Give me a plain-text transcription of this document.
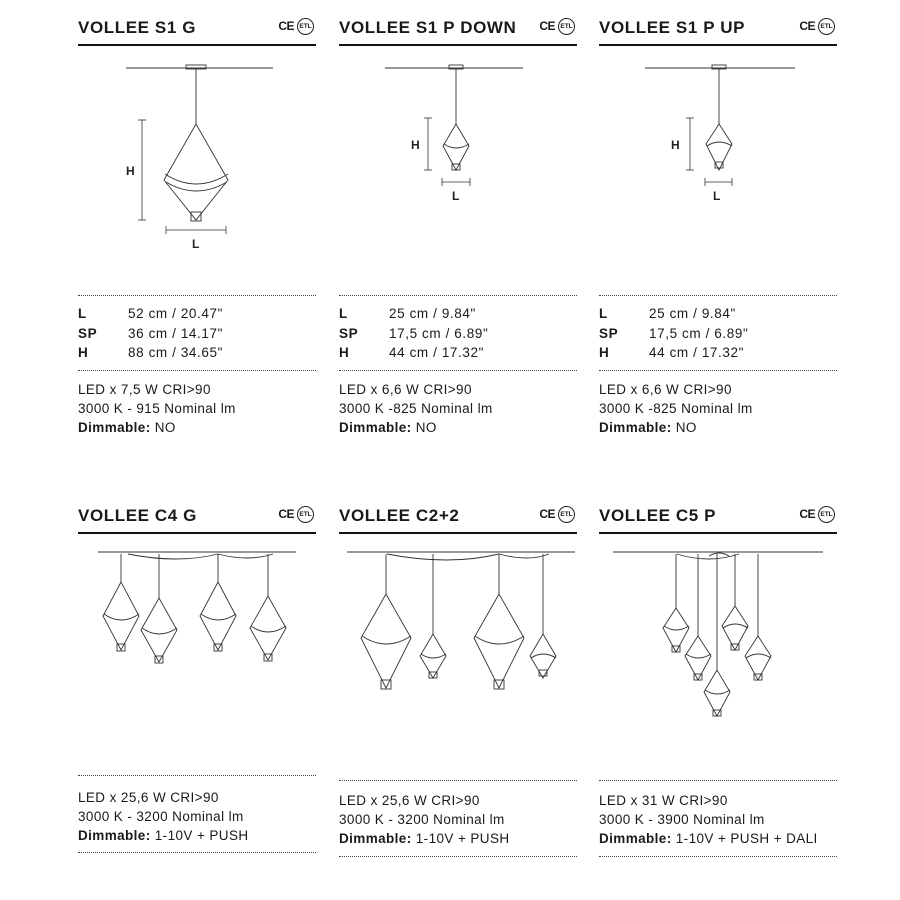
VOLLEE S1 G	CE ETL
H
L
L	52 cm / 20.47"
SP	36 cm / 14.17"
H	88 cm / 34.65"
LED x 7,5 W CRI>90
3000 K - 915 Nominal lm
Dimmable: NO
VOLLEE S1 P DOWN CE ETL
H
L
L	25 cm / 9.84"
SP	17,5 cm / 6.89"
H	44 cm / 17.32"
LED x 6,6 W CRI>90
3000 K -825 Nominal lm
Dimmable: NO
VOLLEE S1 P UP	CE ETL
H
L
L	25 cm / 9.84"
SP	17,5 cm / 6.89"
H	44 cm / 17.32"
LED x 6,6 W CRI>90
3000 K -825 Nominal lm
Dimmable: NO
VOLLEE C4 G	CE ETL
LED x 25,6 W CRI>90
3000 K - 3200 Nominal lm
Dimmable: 1-10V + PUSH
VOLLEE C2+2	CE ETL
LED x 25,6 W CRI>90
3000 K - 3200 Nominal lm
Dimmable: 1-10V + PUSH
VOLLEE C5 P	CE ETL
LED x 31 W CRI>90
3000 K - 3900 Nominal lm
Dimmable: 1-10V + PUSH + DALI
